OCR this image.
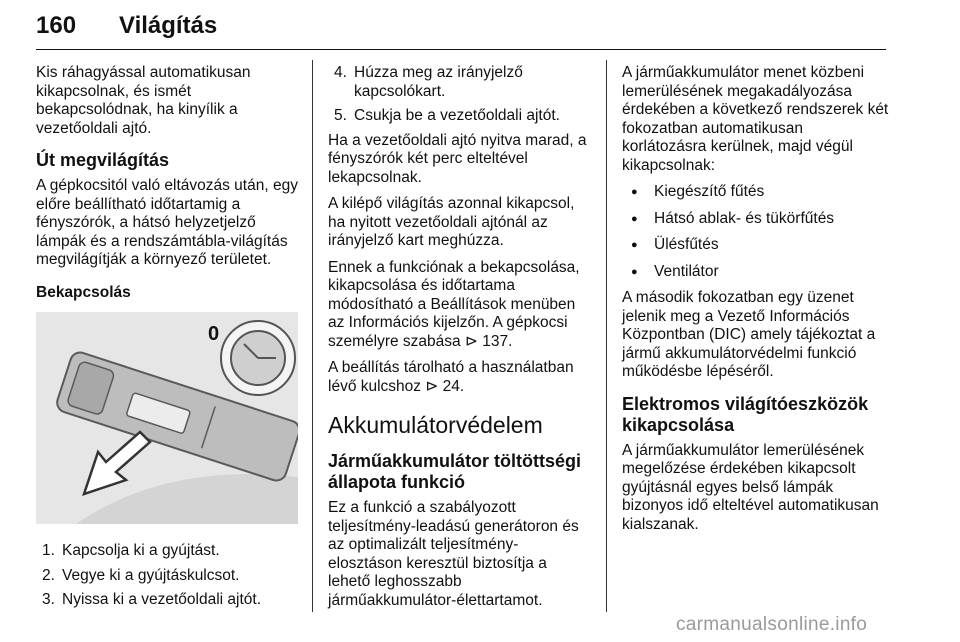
160 Világítás

Kis ráhagyással automatikusan kikapcsolnak, és ismét bekapcsolódnak, ha kinyílik a vezetőoldali ajtó.

Út megvilágítás

A gépkocsitól való eltávozás után, egy előre beállítható időtartamig a fényszórók, a hátsó helyzetjelző lámpák és a rendszámtábla-világítás megvilágítják a környező területet.

Bekapcsolás
0
1. Kapcsolja ki a gyújtást.
2. Vegye ki a gyújtáskulcsot.
3. Nyissa ki a vezetőoldali ajtót.
4. Húzza meg az irányjelző kapcsolókart.
5. Csukja be a vezetőoldali ajtót.

Ha a vezetőoldali ajtó nyitva marad, a fényszórók két perc elteltével lekapcsolnak.

A kilépő világítás azonnal kikapcsol, ha nyitott vezetőoldali ajtónál az irányjelző kart meghúzza.

Ennek a funkciónak a bekapcsolása, kikapcsolása és időtartama módosítható a Beállítások menüben az Információs kijelzőn. A gépkocsi személyre szabása ⊳ 137.

A beállítás tárolható a használatban lévő kulcshoz ⊳ 24.

Akkumulátorvédelem
Járműakkumulátor töltöttségi állapota funkció

Ez a funkció a szabályozott teljesítmény-leadású generátoron és az optimalizált teljesítmény-elosztáson keresztül biztosítja a lehető leghosszabb járműakkumulátor-élettartamot.

A járműakkumulátor menet közbeni lemerülésének megakadályozása érdekében a következő rendszerek két fokozatban automatikusan korlátozásra kerülnek, majd végül kikapcsolnak:

● Kiegészítő fűtés
● Hátsó ablak- és tükörfűtés
● Ülésfűtés
● Ventilátor

A második fokozatban egy üzenet jelenik meg a Vezető Információs Központban (DIC) amely tájékoztat a jármű akkumulátorvédelmi funkció működésbe lépéséről.

Elektromos világítóeszközök kikapcsolása

A járműakkumulátor lemerülésének megelőzése érdekében kikapcsolt gyújtásnál egyes belső lámpák bizonyos idő elteltével automatikusan kialszanak.

carmanualsonline.info
